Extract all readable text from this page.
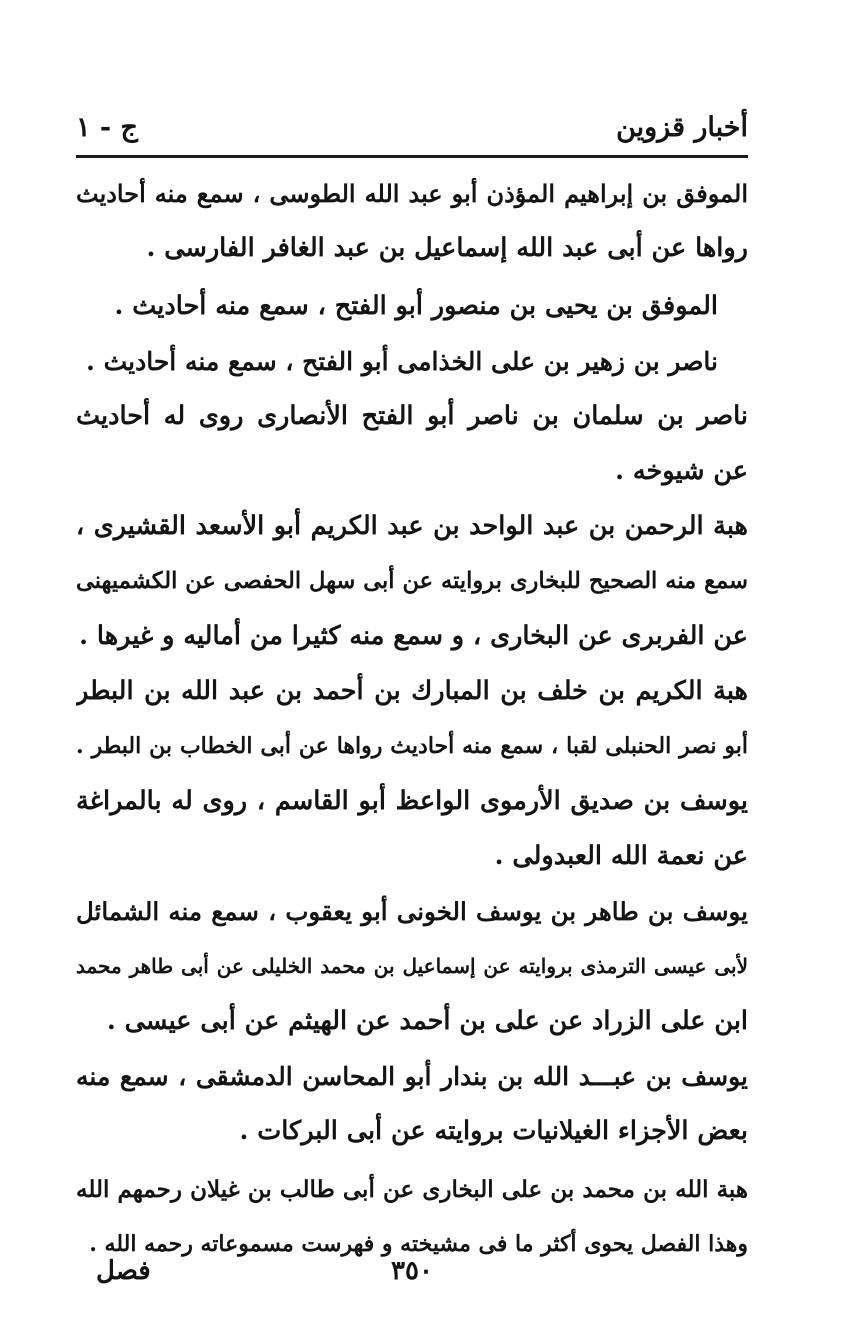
أخبار قزوين
ج - ١
الموفق بن إبراهيم المؤذن أبو عبد الله الطوسى ، سمع منه أحاديث
رواها عن أبى عبد الله إسماعيل بن عبد الغافر الفارسى .
الموفق بن يحيى بن منصور أبو الفتح ، سمع منه أحاديث .
ناصر بن زهير بن على الخذامى أبو الفتح ، سمع منه أحاديث .
ناصر بن سلمان بن ناصر أبو الفتح الأنصارى روى له أحاديث
عن شيوخه .
هبة الرحمن بن عبد الواحد بن عبد الكريم أبو الأسعد القشيرى ،
سمع منه الصحيح للبخارى بروايته عن أبى سهل الحفصى عن الكشميهنى
عن الفربرى عن البخارى ، و سمع منه كثيرا من أماليه و غيرها .
هبة الكريم بن خلف بن المبارك بن أحمد بن عبد الله بن البطر
أبو نصر الحنبلى لقبا ، سمع منه أحاديث رواها عن أبى الخطاب بن البطر .
يوسف بن صديق الأرموى الواعظ أبو القاسم ، روى له بالمراغة
عن نعمة الله العبدولى .
يوسف بن طاهر بن يوسف الخونى أبو يعقوب ، سمع منه الشمائل
لأبى عيسى الترمذى بروايته عن إسماعيل بن محمد الخليلى عن أبى طاهر محمد
ابن على الزراد عن على بن أحمد عن الهيثم عن أبى عيسى .
يوسف بن عبـــد الله بن بندار أبو المحاسن الدمشقى ، سمع منه
بعض الأجزاء الغيلانيات بروايته عن أبى البركات .
هبة الله بن محمد بن على البخارى عن أبى طالب بن غيلان رحمهم الله
وهذا الفصل يحوى أكثر ما فى مشيخته و فهرست مسموعاته رحمه الله .
٣٥٠
فصل
